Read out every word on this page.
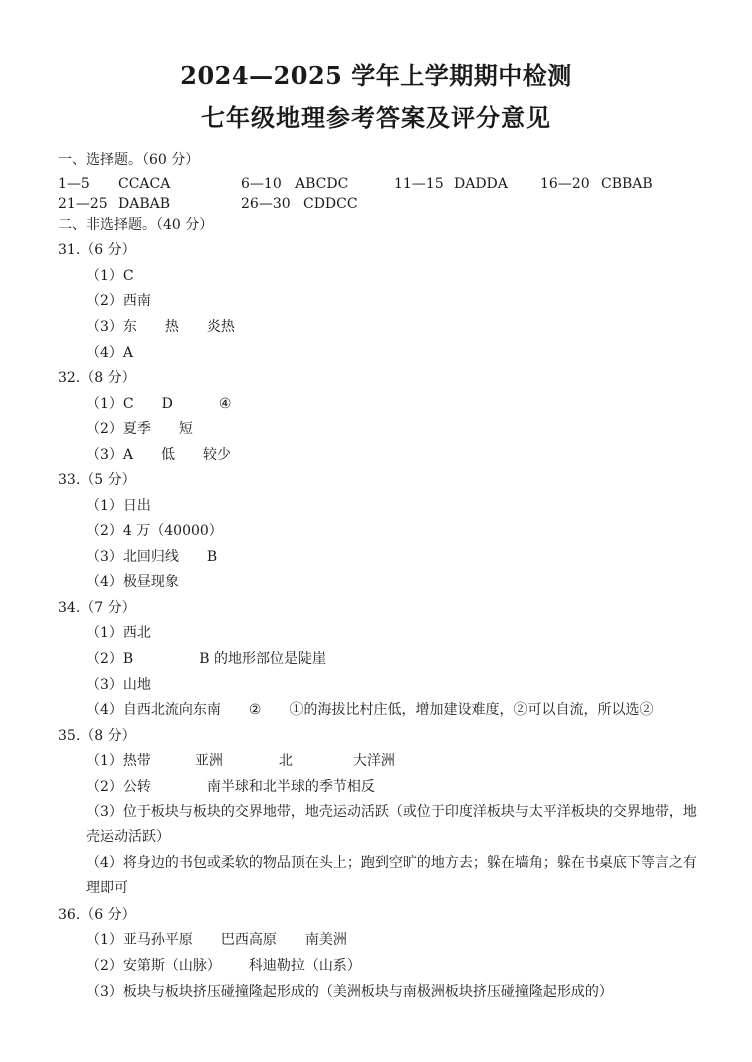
2024—2025 学年上学期期中检测
七年级地理参考答案及评分意见
一、选择题。（60 分）
1—5 CCACA	6—10 ABCDC	11—15 DADDA 16—20 CBBAB
21—25 DABAB	26—30 CDDCC
二、非选择题。（40 分）
31.（6 分）
（1）C
（2）西南
（3）东 热 炎热
（4）A
32.（8 分）
（1）C D	④
（2）夏季 短
（3）A 低 较少
33.（5 分）
（1）日出
（2）4 万（40000）
（3）北回归线 B
（4）极昼现象
34.（7 分）
（1）西北
（2）B	B 的地形部位是陡崖
（3）山地
（4）自西北流向东南 ② ①的海拔比村庄低，增加建设难度，②可以自流，所以选②
35.（8 分）
（1）热带	亚洲	北	大洋洲
（2）公转	南半球和北半球的季节相反
（3）位于板块与板块的交界地带，地壳运动活跃（或位于印度洋板块与太平洋板块的交界地带，地壳运动活跃）
（4）将身边的书包或柔软的物品顶在头上；跑到空旷的地方去；躲在墙角；躲在书桌底下等言之有理即可
36.（6 分）
（1）亚马孙平原 巴西高原 南美洲
（2）安第斯（山脉） 科迪勒拉（山系）
（3）板块与板块挤压碰撞隆起形成的（美洲板块与南极洲板块挤压碰撞隆起形成的）
